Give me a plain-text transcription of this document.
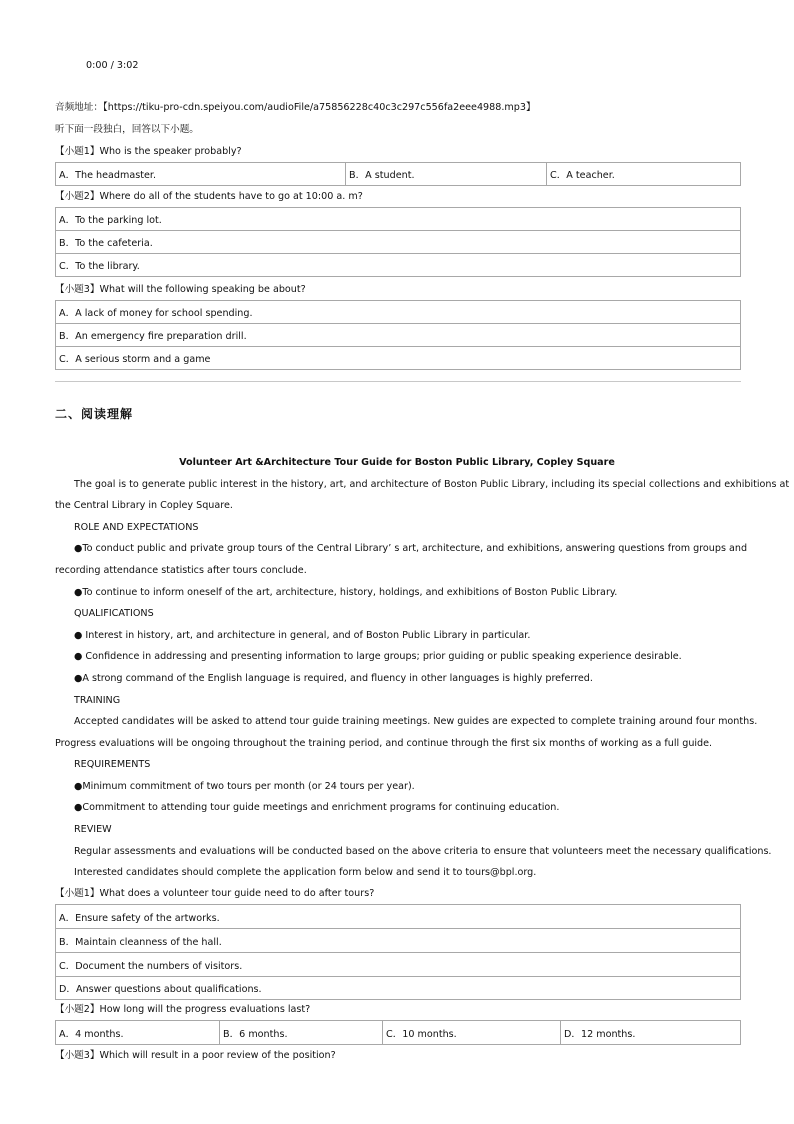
0:00 / 3:02
音频地址：【https://tiku-pro-cdn.speiyou.com/audioFile/a75856228c40c3c297c556fa2eee4988.mp3】
听下面一段独白，回答以下小题。
【小题1】Who is the speaker probably?
A．The headmaster.	B．A student.	C．A teacher.
【小题2】Where do all of the students have to go at 10:00 a. m?
A．To the parking lot.
B．To the cafeteria.
C．To the library.
【小题3】What will the following speaking be about?
A．A lack of money for school spending.
B．An emergency fire preparation drill.
C．A serious storm and a game
二、阅读理解
Volunteer Art &Architecture Tour Guide for Boston Public Library, Copley Square
The goal is to generate public interest in the history, art, and architecture of Boston Public Library, including its special collections and exhibitions at
the Central Library in Copley Square.
ROLE AND EXPECTATIONS
●To conduct public and private group tours of the Central Library’ s art, architecture, and exhibitions, answering questions from groups and
recording attendance statistics after tours conclude.
●To continue to inform oneself of the art, architecture, history, holdings, and exhibitions of Boston Public Library.
QUALIFICATIONS
● Interest in history, art, and architecture in general, and of Boston Public Library in particular.
● Confidence in addressing and presenting information to large groups; prior guiding or public speaking experience desirable.
●A strong command of the English language is required, and fluency in other languages is highly preferred.
TRAINING
Accepted candidates will be asked to attend tour guide training meetings. New guides are expected to complete training around four months.
Progress evaluations will be ongoing throughout the training period, and continue through the first six months of working as a full guide.
REQUIREMENTS
●Minimum commitment of two tours per month (or 24 tours per year).
●Commitment to attending tour guide meetings and enrichment programs for continuing education.
REVIEW
Regular assessments and evaluations will be conducted based on the above criteria to ensure that volunteers meet the necessary qualifications.
Interested candidates should complete the application form below and send it to tours@bpl.org.
【小题1】What does a volunteer tour guide need to do after tours?
A．Ensure safety of the artworks.
B．Maintain cleanness of the hall.
C．Document the numbers of visitors.
D．Answer questions about qualifications.
【小题2】How long will the progress evaluations last?
A．4 months.	B．6 months.	C．10 months.	D．12 months.
【小题3】Which will result in a poor review of the position?
